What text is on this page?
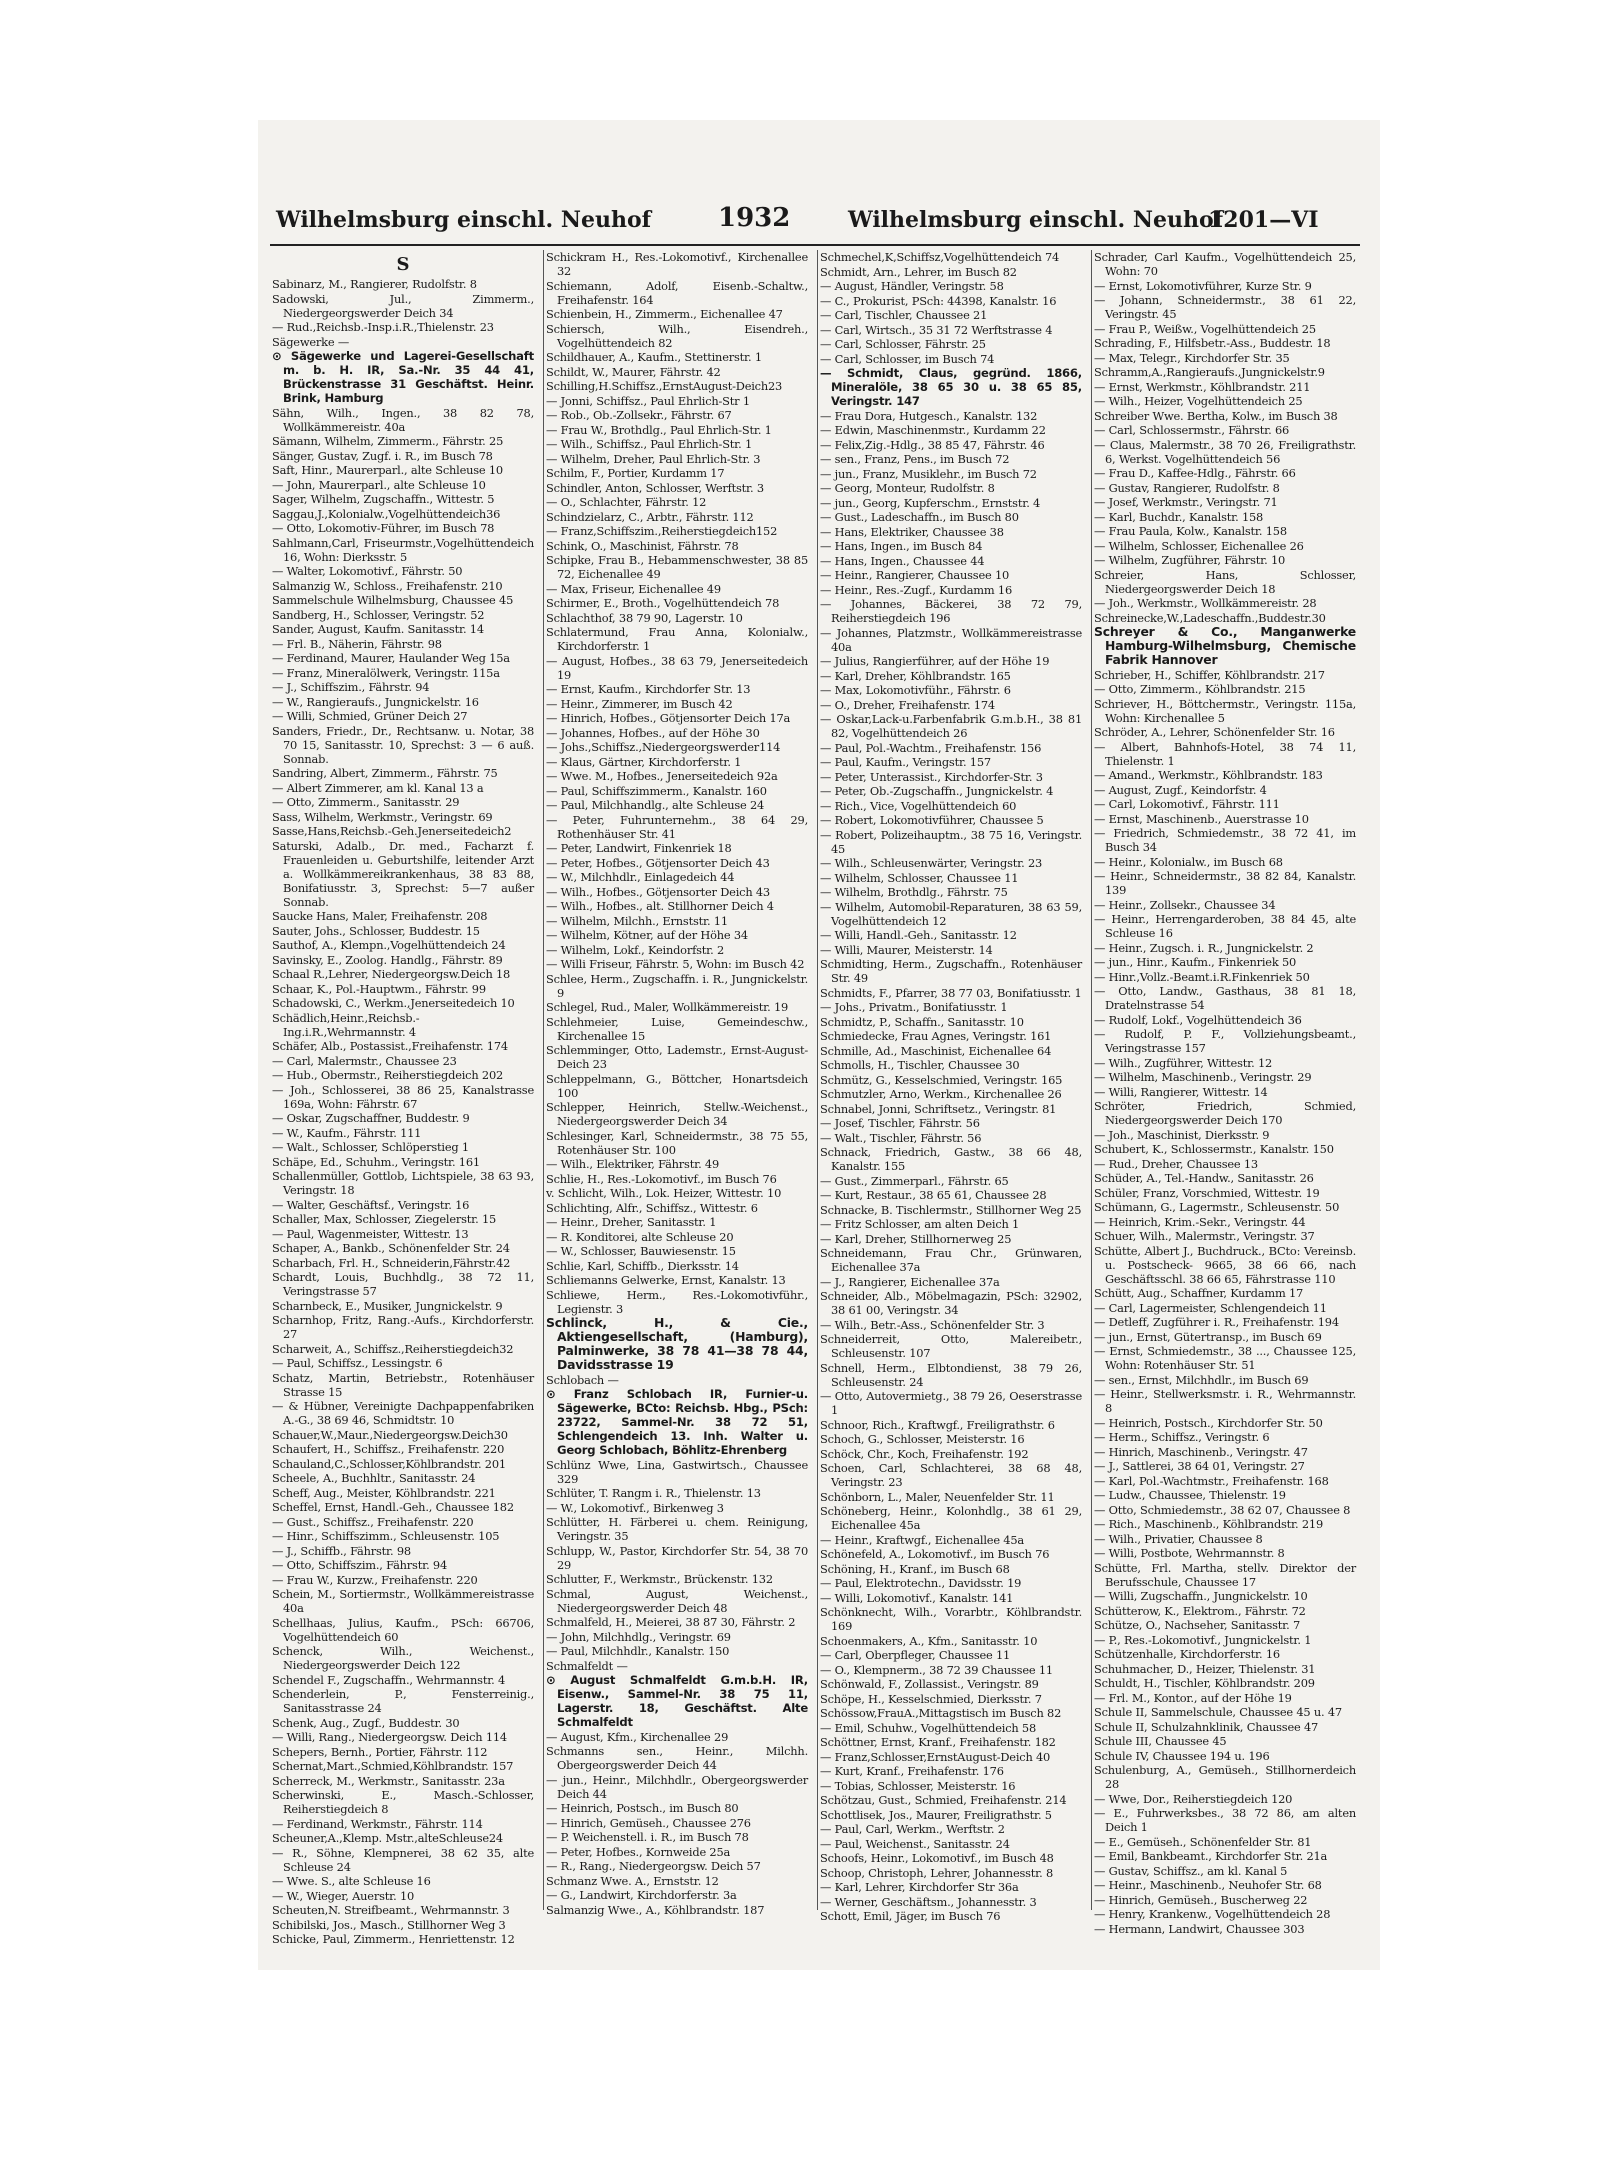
Wilhelmsburg einschl. Neuhof	1932	Wilhelmsburg einschl. Neuhof
1201—VI
S

Sabinarz, M., Rangierer, Rudolfstr. 8

Sadowski, Jul., Zimmerm., Niedergeorgswerder Deich 34

— Rud.,Reichsb.-Insp.i.R.,Thielenstr. 23

Sägewerke —

⊙ Sägewerke und Lagerei-Gesellschaft m. b. H. IR, Sa.-Nr. 35 44 41, Brückenstrasse 31 Geschäftst. Heinr. Brink, Hamburg

Sähn, Wilh., Ingen., 38 82 78, Wollkämmereistr. 40a

Sämann, Wilhelm, Zimmerm., Fährstr. 25

Sänger, Gustav, Zugf. i. R., im Busch 78

Saft, Hinr., Maurerparl., alte Schleuse 10

— John, Maurerparl., alte Schleuse 10

Sager, Wilhelm, Zugschaffn., Wittestr. 5

Saggau,J.,Kolonialw.,Vogelhüttendeich36

— Otto, Lokomotiv-Führer, im Busch 78

Sahlmann,Carl, Friseurmstr.,Vogelhüttendeich 16, Wohn: Dierksstr. 5

— Walter, Lokomotivf., Fährstr. 50

Salmanzig W., Schloss., Freihafenstr. 210

Sammelschule Wilhelmsburg, Chaussee 45

Sandberg, H., Schlosser, Veringstr. 52

Sander, August, Kaufm. Sanitasstr. 14

— Frl. B., Näherin, Fährstr. 98

— Ferdinand, Maurer, Haulander Weg 15a

— Franz, Mineralölwerk, Veringstr. 115a

— J., Schiffszim., Fährstr. 94

— W., Rangieraufs., Jungnickelstr. 16

— Willi, Schmied, Grüner Deich 27

Sanders, Friedr., Dr., Rechtsanw. u. Notar, 38 70 15, Sanitasstr. 10, Sprechst: 3 — 6 auß. Sonnab.

Sandring, Albert, Zimmerm., Fährstr. 75

— Albert Zimmerer, am kl. Kanal 13 a

— Otto, Zimmerm., Sanitasstr. 29

Sass, Wilhelm, Werkmstr., Veringstr. 69

Sasse,Hans,Reichsb.-Geh.Jenerseitedeich2

Saturski, Adalb., Dr. med., Facharzt f. Frauenleiden u. Geburtshilfe, leitender Arzt a. Wollkämmereikrankenhaus, 38 83 88, Bonifatiusstr. 3, Sprechst: 5—7 außer Sonnab.

Saucke Hans, Maler, Freihafenstr. 208

Sauter, Johs., Schlosser, Buddestr. 15

Sauthof, A., Klempn.,Vogelhüttendeich 24

Savinsky, E., Zoolog. Handlg., Fährstr. 89

Schaal R.,Lehrer, Niedergeorgsw.Deich 18

Schaar, K., Pol.-Hauptwm., Fährstr. 99

Schadowski, C., Werkm.,Jenerseitedeich 10

Schädlich,Heinr.,Reichsb.-Ing.i.R.,Wehrmannstr. 4

Schäfer, Alb., Postassist.,Freihafenstr. 174

— Carl, Malermstr., Chaussee 23

— Hub., Obermstr., Reiherstiegdeich 202

— Joh., Schlosserei, 38 86 25, Kanalstrasse 169a, Wohn: Fährstr. 67

— Oskar, Zugschaffner, Buddestr. 9

— W., Kaufm., Fährstr. 111

— Walt., Schlosser, Schlöperstieg 1

Schäpe, Ed., Schuhm., Veringstr. 161

Schallenmüller, Gottlob, Lichtspiele, 38 63 93, Veringstr. 18

— Walter, Geschäftsf., Veringstr. 16

Schaller, Max, Schlosser, Ziegelerstr. 15

— Paul, Wagenmeister, Wittestr. 13

Schaper, A., Bankb., Schönenfelder Str. 24

Scharbach, Frl. H., Schneiderin,Fährstr.42

Schardt, Louis, Buchhdlg., 38 72 11, Veringstrasse 57

Scharnbeck, E., Musiker, Jungnickelstr. 9

Scharnhop, Fritz, Rang.-Aufs., Kirchdorferstr. 27

Scharweit, A., Schiffsz.,Reiherstiegdeich32

— Paul, Schiffsz., Lessingstr. 6

Schatz, Martin, Betriebstr., Rotenhäuser Strasse 15

— & Hübner, Vereinigte Dachpappenfabriken A.-G., 38 69 46, Schmidtstr. 10

Schauer,W.,Maur.,Niedergeorgsw.Deich30

Schaufert, H., Schiffsz., Freihafenstr. 220

Schauland,C.,Schlosser,Köhlbrandstr. 201

Scheele, A., Buchhltr., Sanitasstr. 24

Scheff, Aug., Meister, Köhlbrandstr. 221

Scheffel, Ernst, Handl.-Geh., Chaussee 182

— Gust., Schiffsz., Freihafenstr. 220

— Hinr., Schiffszimm., Schleusenstr. 105

— J., Schiffb., Fährstr. 98

— Otto, Schiffszim., Fährstr. 94

— Frau W., Kurzw., Freihafenstr. 220

Schein, M., Sortiermstr., Wollkämmereistrasse 40a

Schellhaas, Julius, Kaufm., PSch: 66706, Vogelhüttendeich 60

Schenck, Wilh., Weichenst., Niedergeorgswerder Deich 122

Schendel F., Zugschaffn., Wehrmannstr. 4

Schenderlein, P., Fensterreinig., Sanitasstrasse 24

Schenk, Aug., Zugf., Buddestr. 30

— Willi, Rang., Niedergeorgsw. Deich 114

Schepers, Bernh., Portier, Fährstr. 112

Schernat,Mart.,Schmied,Köhlbrandstr. 157

Scherreck, M., Werkmstr., Sanitasstr. 23a

Scherwinski, E., Masch.-Schlosser, Reiherstiegdeich 8

— Ferdinand, Werkmstr., Fährstr. 114

Scheuner,A.,Klemp. Mstr.,alteSchleuse24

— R., Söhne, Klempnerei, 38 62 35, alte Schleuse 24

— Wwe. S., alte Schleuse 16

— W., Wieger, Auerstr. 10

Scheuten,N. Streifbeamt., Wehrmannstr. 3

Schibilski, Jos., Masch., Stillhorner Weg 3

Schicke, Paul, Zimmerm., Henriettenstr. 12

Schickram H., Res.-Lokomotivf., Kirchenallee 32

Schiemann, Adolf, Eisenb.-Schaltw., Freihafenstr. 164

Schienbein, H., Zimmerm., Eichenallee 47

Schiersch, Wilh., Eisendreh., Vogelhüttendeich 82

Schildhauer, A., Kaufm., Stettinerstr. 1

Schildt, W., Maurer, Fährstr. 42

Schilling,H.Schiffsz.,ErnstAugust-Deich23

— Jonni, Schiffsz., Paul Ehrlich-Str 1

— Rob., Ob.-Zollsekr., Fährstr. 67

— Frau W., Brothdlg., Paul Ehrlich-Str. 1

— Wilh., Schiffsz., Paul Ehrlich-Str. 1

— Wilhelm, Dreher, Paul Ehrlich-Str. 3

Schilm, F., Portier, Kurdamm 17

Schindler, Anton, Schlosser, Werftstr. 3

— O., Schlachter, Fährstr. 12

Schindzielarz, C., Arbtr., Fährstr. 112

— Franz,Schiffszim.,Reiherstiegdeich152

Schink, O., Maschinist, Fährstr. 78

Schipke, Frau B., Hebammenschwester, 38 85 72, Eichenallee 49

— Max, Friseur, Eichenallee 49

Schirmer, E., Broth., Vogelhüttendeich 78

Schlachthof, 38 79 90, Lagerstr. 10

Schlatermund, Frau Anna, Kolonialw., Kirchdorferstr. 1

— August, Hofbes., 38 63 79, Jenerseitedeich 19

— Ernst, Kaufm., Kirchdorfer Str. 13

— Heinr., Zimmerer, im Busch 42

— Hinrich, Hofbes., Götjensorter Deich 17a

— Johannes, Hofbes., auf der Höhe 30

— Johs.,Schiffsz.,Niedergeorgswerder114

— Klaus, Gärtner, Kirchdorferstr. 1

— Wwe. M., Hofbes., Jenerseitedeich 92a

— Paul, Schiffszimmerm., Kanalstr. 160

— Paul, Milchhandlg., alte Schleuse 24

— Peter, Fuhrunternehm., 38 64 29, Rothenhäuser Str. 41

— Peter, Landwirt, Finkenriek 18

— Peter, Hofbes., Götjensorter Deich 43

— W., Milchhdlr., Einlagedeich 44

— Wilh., Hofbes., Götjensorter Deich 43

— Wilh., Hofbes., alt. Stillhorner Deich 4

— Wilhelm, Milchh., Ernststr. 11

— Wilhelm, Kötner, auf der Höhe 34

— Wilhelm, Lokf., Keindorfstr. 2

— Willi Friseur, Fährstr. 5, Wohn: im Busch 42

Schlee, Herm., Zugschaffn. i. R., Jungnickelstr. 9

Schlegel, Rud., Maler, Wollkämmereistr. 19

Schlehmeier, Luise, Gemeindeschw., Kirchenallee 15

Schlemminger, Otto, Lademstr., Ernst-August-Deich 23

Schleppelmann, G., Böttcher, Honartsdeich 100

Schlepper, Heinrich, Stellw.-Weichenst., Niedergeorgswerder Deich 34

Schlesinger, Karl, Schneidermstr., 38 75 55, Rotenhäuser Str. 100

— Wilh., Elektriker, Fährstr. 49

Schlie, H., Res.-Lokomotivf., im Busch 76

v. Schlicht, Wilh., Lok. Heizer, Wittestr. 10

Schlichting, Alfr., Schiffsz., Wittestr. 6

— Heinr., Dreher, Sanitasstr. 1

— R. Konditorei, alte Schleuse 20

— W., Schlosser, Bauwiesenstr. 15

Schlie, Karl, Schiffb., Dierksstr. 14

Schliemanns Gelwerke, Ernst, Kanalstr. 13

Schliewe, Herm., Res.-Lokomotivführ., Legienstr. 3

Schlinck, H., & Cie., Aktiengesellschaft, (Hamburg), Palminwerke, 38 78 41—38 78 44, Davidsstrasse 19

Schlobach —

⊙ Franz Schlobach IR, Furnier-u. Sägewerke, BCto: Reichsb. Hbg., PSch: 23722, Sammel-Nr. 38 72 51, Schlengendeich 13. Inh. Walter u. Georg Schlobach, Böhlitz-Ehrenberg

Schlünz Wwe, Lina, Gastwirtsch., Chaussee 329

Schlüter, T. Rangm i. R., Thielenstr. 13

— W., Lokomotivf., Birkenweg 3

Schlütter, H. Färberei u. chem. Reinigung, Veringstr. 35

Schlupp, W., Pastor, Kirchdorfer Str. 54, 38 70 29

Schlutter, F., Werkmstr., Brückenstr. 132

Schmal, August, Weichenst., Niedergeorgswerder Deich 48

Schmalfeld, H., Meierei, 38 87 30, Fährstr. 2

— John, Milchhdlg., Veringstr. 69

— Paul, Milchhdlr., Kanalstr. 150

Schmalfeldt —

⊙ August Schmalfeldt G.m.b.H. IR, Eisenw., Sammel-Nr. 38 75 11, Lagerstr. 18, Geschäftst. Alte Schmalfeldt

— August, Kfm., Kirchenallee 29

Schmanns sen., Heinr., Milchh. Obergeorgswerder Deich 44

— jun., Heinr., Milchhdlr., Obergeorgswerder Deich 44

— Heinrich, Postsch., im Busch 80

— Hinrich, Gemüseh., Chaussee 276

— P. Weichenstell. i. R., im Busch 78

— Peter, Hofbes., Kornweide 25a

— R., Rang., Niedergeorgsw. Deich 57

Schmanz Wwe. A., Ernststr. 12

— G., Landwirt, Kirchdorferstr. 3a

Salmanzig Wwe., A., Köhlbrandstr. 187

Schmechel,K,Schiffsz,Vogelhüttendeich 74

Schmidt, Arn., Lehrer, im Busch 82

— August, Händler, Veringstr. 58

— C., Prokurist, PSch: 44398, Kanalstr. 16

— Carl, Tischler, Chaussee 21

— Carl, Wirtsch., 35 31 72 Werftstrasse 4

— Carl, Schlosser, Fährstr. 25

— Carl, Schlosser, im Busch 74

— Schmidt, Claus, gegründ. 1866, Mineralöle, 38 65 30 u. 38 65 85, Veringstr. 147

— Frau Dora, Hutgesch., Kanalstr. 132

— Edwin, Maschinenmstr., Kurdamm 22

— Felix,Zig.-Hdlg., 38 85 47, Fährstr. 46

— sen., Franz, Pens., im Busch 72

— jun., Franz, Musiklehr., im Busch 72

— Georg, Monteur, Rudolfstr. 8

— jun., Georg, Kupferschm., Ernststr. 4

— Gust., Ladeschaffn., im Busch 80

— Hans, Elektriker, Chaussee 38

— Hans, Ingen., im Busch 84

— Hans, Ingen., Chaussee 44

— Heinr., Rangierer, Chaussee 10

— Heinr., Res.-Zugf., Kurdamm 16

— Johannes, Bäckerei, 38 72 79, Reiherstiegdeich 196

— Johannes, Platzmstr., Wollkämmereistrasse 40a

— Julius, Rangierführer, auf der Höhe 19

— Karl, Dreher, Köhlbrandstr. 165

— Max, Lokomotivführ., Fährstr. 6

— O., Dreher, Freihafenstr. 174

— Oskar,Lack-u.Farbenfabrik G.m.b.H., 38 81 82, Vogelhüttendeich 26

— Paul, Pol.-Wachtm., Freihafenstr. 156

— Paul, Kaufm., Veringstr. 157

— Peter, Unterassist., Kirchdorfer-Str. 3

— Peter, Ob.-Zugschaffn., Jungnickelstr. 4

— Rich., Vice, Vogelhüttendeich 60

— Robert, Lokomotivführer, Chaussee 5

— Robert, Polizeihauptm., 38 75 16, Veringstr. 45

— Wilh., Schleusenwärter, Veringstr. 23

— Wilhelm, Schlosser, Chaussee 11

— Wilhelm, Brothdlg., Fährstr. 75

— Wilhelm, Automobil-Reparaturen, 38 63 59, Vogelhüttendeich 12

— Willi, Handl.-Geh., Sanitasstr. 12

— Willi, Maurer, Meisterstr. 14

Schmidting, Herm., Zugschaffn., Rotenhäuser Str. 49

Schmidts, F., Pfarrer, 38 77 03, Bonifatiusstr. 1

— Johs., Privatm., Bonifatiusstr. 1

Schmidtz, P., Schaffn., Sanitasstr. 10

Schmiedecke, Frau Agnes, Veringstr. 161

Schmille, Ad., Maschinist, Eichenallee 64

Schmolls, H., Tischler, Chaussee 30

Schmütz, G., Kesselschmied, Veringstr. 165

Schmutzler, Arno, Werkm., Kirchenallee 26

Schnabel, Jonni, Schriftsetz., Veringstr. 81

— Josef, Tischler, Fährstr. 56

— Walt., Tischler, Fährstr. 56

Schnack, Friedrich, Gastw., 38 66 48, Kanalstr. 155

— Gust., Zimmerparl., Fährstr. 65

— Kurt, Restaur., 38 65 61, Chaussee 28

Schnacke, B. Tischlermstr., Stillhorner Weg 25

— Fritz Schlosser, am alten Deich 1

— Karl, Dreher, Stillhornerweg 25

Schneidemann, Frau Chr., Grünwaren, Eichenallee 37a

— J., Rangierer, Eichenallee 37a

Schneider, Alb., Möbelmagazin, PSch: 32902, 38 61 00, Veringstr. 34

— Wilh., Betr.-Ass., Schönenfelder Str. 3

Schneiderreit, Otto, Malereibetr., Schleusenstr. 107

Schnell, Herm., Elbtondienst, 38 79 26, Schleusenstr. 24

— Otto, Autovermietg., 38 79 26, Oeserstrasse 1

Schnoor, Rich., Kraftwgf., Freiligrathstr. 6

Schoch, G., Schlosser, Meisterstr. 16

Schöck, Chr., Koch, Freihafenstr. 192

Schoen, Carl, Schlachterei, 38 68 48, Veringstr. 23

Schönborn, L., Maler, Neuenfelder Str. 11

Schöneberg, Heinr., Kolonhdlg., 38 61 29, Eichenallee 45a

— Heinr., Kraftwgf., Eichenallee 45a

Schönefeld, A., Lokomotivf., im Busch 76

Schöning, H., Kranf., im Busch 68

— Paul, Elektrotechn., Davidsstr. 19

— Willi, Lokomotivf., Kanalstr. 141

Schönknecht, Wilh., Vorarbtr., Köhlbrandstr. 169

Schoenmakers, A., Kfm., Sanitasstr. 10

— Carl, Oberpfleger, Chaussee 11

— O., Klempnerm., 38 72 39 Chaussee 11

Schönwald, F., Zollassist., Veringstr. 89

Schöpe, H., Kesselschmied, Dierksstr. 7

Schössow,FrauA.,Mittagstisch im Busch 82

— Emil, Schuhw., Vogelhüttendeich 58

Schöttner, Ernst, Kranf., Freihafenstr. 182

— Franz,Schlosser,ErnstAugust-Deich 40

— Kurt, Kranf., Freihafenstr. 176

— Tobias, Schlosser, Meisterstr. 16

Schötzau, Gust., Schmied, Freihafenstr. 214

Schottlisek, Jos., Maurer, Freiligrathstr. 5

— Paul, Carl, Werkm., Werftstr. 2

— Paul, Weichenst., Sanitasstr. 24

Schoofs, Heinr., Lokomotivf., im Busch 48

Schoop, Christoph, Lehrer, Johannesstr. 8

— Karl, Lehrer, Kirchdorfer Str 36a

— Werner, Geschäftsm., Johannesstr. 3

Schott, Emil, Jäger, im Busch 76

Schrader, Carl Kaufm., Vogelhüttendeich 25, Wohn: 70

— Ernst, Lokomotivführer, Kurze Str. 9

— Johann, Schneidermstr., 38 61 22, Veringstr. 45

— Frau P., Weißw., Vogelhüttendeich 25

Schrading, F., Hilfsbetr.-Ass., Buddestr. 18

— Max, Telegr., Kirchdorfer Str. 35

Schramm,A.,Rangieraufs.,Jungnickelstr.9

— Ernst, Werkmstr., Köhlbrandstr. 211

— Wilh., Heizer, Vogelhüttendeich 25

Schreiber Wwe. Bertha, Kolw., im Busch 38

— Carl, Schlossermstr., Fährstr. 66

— Claus, Malermstr., 38 70 26, Freiligrathstr. 6, Werkst. Vogelhüttendeich 56

— Frau D., Kaffee-Hdlg., Fährstr. 66

— Gustav, Rangierer, Rudolfstr. 8

— Josef, Werkmstr., Veringstr. 71

— Karl, Buchdr., Kanalstr. 158

— Frau Paula, Kolw., Kanalstr. 158

— Wilhelm, Schlosser, Eichenallee 26

— Wilhelm, Zugführer, Fährstr. 10

Schreier, Hans, Schlosser, Niedergeorgswerder Deich 18

— Joh., Werkmstr., Wollkämmereistr. 28

Schreinecke,W.,Ladeschaffn.,Buddestr.30

Schreyer & Co., Manganwerke Hamburg-Wilhelmsburg, Chemische Fabrik Hannover

Schrieber, H., Schiffer, Köhlbrandstr. 217

— Otto, Zimmerm., Köhlbrandstr. 215

Schriever, H., Böttchermstr., Veringstr. 115a, Wohn: Kirchenallee 5

Schröder, A., Lehrer, Schönenfelder Str. 16

— Albert, Bahnhofs-Hotel, 38 74 11, Thielenstr. 1

— Amand., Werkmstr., Köhlbrandstr. 183

— August, Zugf., Keindorfstr. 4

— Carl, Lokomotivf., Fährstr. 111

— Ernst, Maschinenb., Auerstrasse 10

— Friedrich, Schmiedemstr., 38 72 41, im Busch 34

— Heinr., Kolonialw., im Busch 68

— Heinr., Schneidermstr., 38 82 84, Kanalstr. 139

— Heinr., Zollsekr., Chaussee 34

— Heinr., Herrengarderoben, 38 84 45, alte Schleuse 16

— Heinr., Zugsch. i. R., Jungnickelstr. 2

— jun., Hinr., Kaufm., Finkenriek 50

— Hinr.,Vollz.-Beamt.i.R.Finkenriek 50

— Otto, Landw., Gasthaus, 38 81 18, Dratelnstrasse 54

— Rudolf, Lokf., Vogelhüttendeich 36

— Rudolf, P. F., Vollziehungsbeamt., Veringstrasse 157

— Wilh., Zugführer, Wittestr. 12

— Wilhelm, Maschinenb., Veringstr. 29

— Willi, Rangierer, Wittestr. 14

Schröter, Friedrich, Schmied, Niedergeorgswerder Deich 170

— Joh., Maschinist, Dierksstr. 9

Schubert, K., Schlossermstr., Kanalstr. 150

— Rud., Dreher, Chaussee 13

Schüder, A., Tel.-Handw., Sanitasstr. 26

Schüler, Franz, Vorschmied, Wittestr. 19

Schümann, G., Lagermstr., Schleusenstr. 50

— Heinrich, Krim.-Sekr., Veringstr. 44

Schuer, Wilh., Malermstr., Veringstr. 37

Schütte, Albert J., Buchdruck., BCto: Vereinsb. u. Postscheck- 9665, 38 66 66, nach Geschäftsschl. 38 66 65, Fährstrasse 110

Schütt, Aug., Schaffner, Kurdamm 17

— Carl, Lagermeister, Schlengendeich 11

— Detleff, Zugführer i. R., Freihafenstr. 194

— jun., Ernst, Gütertransp., im Busch 69

— Ernst, Schmiedemstr., 38 ..., Chaussee 125, Wohn: Rotenhäuser Str. 51

— sen., Ernst, Milchhdlr., im Busch 69

— Heinr., Stellwerksmstr. i. R., Wehrmannstr. 8

— Heinrich, Postsch., Kirchdorfer Str. 50

— Herm., Schiffsz., Veringstr. 6

— Hinrich, Maschinenb., Veringstr. 47

— J., Sattlerei, 38 64 01, Veringstr. 27

— Karl, Pol.-Wachtmstr., Freihafenstr. 168

— Ludw., Chaussee, Thielenstr. 19

— Otto, Schmiedemstr., 38 62 07, Chaussee 8

— Rich., Maschinenb., Köhlbrandstr. 219

— Wilh., Privatier, Chaussee 8

— Willi, Postbote, Wehrmannstr. 8

Schütte, Frl. Martha, stellv. Direktor der Berufsschule, Chaussee 17

— Willi, Zugschaffn., Jungnickelstr. 10

Schütterow, K., Elektrom., Fährstr. 72

Schütze, O., Nachseher, Sanitasstr. 7

— P., Res.-Lokomotivf., Jungnickelstr. 1

Schützenhalle, Kirchdorferstr. 16

Schuhmacher, D., Heizer, Thielenstr. 31

Schuldt, H., Tischler, Köhlbrandstr. 209

— Frl. M., Kontor., auf der Höhe 19

Schule II, Sammelschule, Chaussee 45 u. 47

Schule II, Schulzahnklinik, Chaussee 47

Schule III, Chaussee 45

Schule IV, Chaussee 194 u. 196

Schulenburg, A., Gemüseh., Stillhornerdeich 28

— Wwe, Dor., Reiherstiegdeich 120

— E., Fuhrwerksbes., 38 72 86, am alten Deich 1

— E., Gemüseh., Schönenfelder Str. 81

— Emil, Bankbeamt., Kirchdorfer Str. 21a

— Gustav, Schiffsz., am kl. Kanal 5

— Heinr., Maschinenb., Neuhofer Str. 68

— Hinrich, Gemüseh., Buscherweg 22

— Henry, Krankenw., Vogelhüttendeich 28

— Hermann, Landwirt, Chaussee 303
